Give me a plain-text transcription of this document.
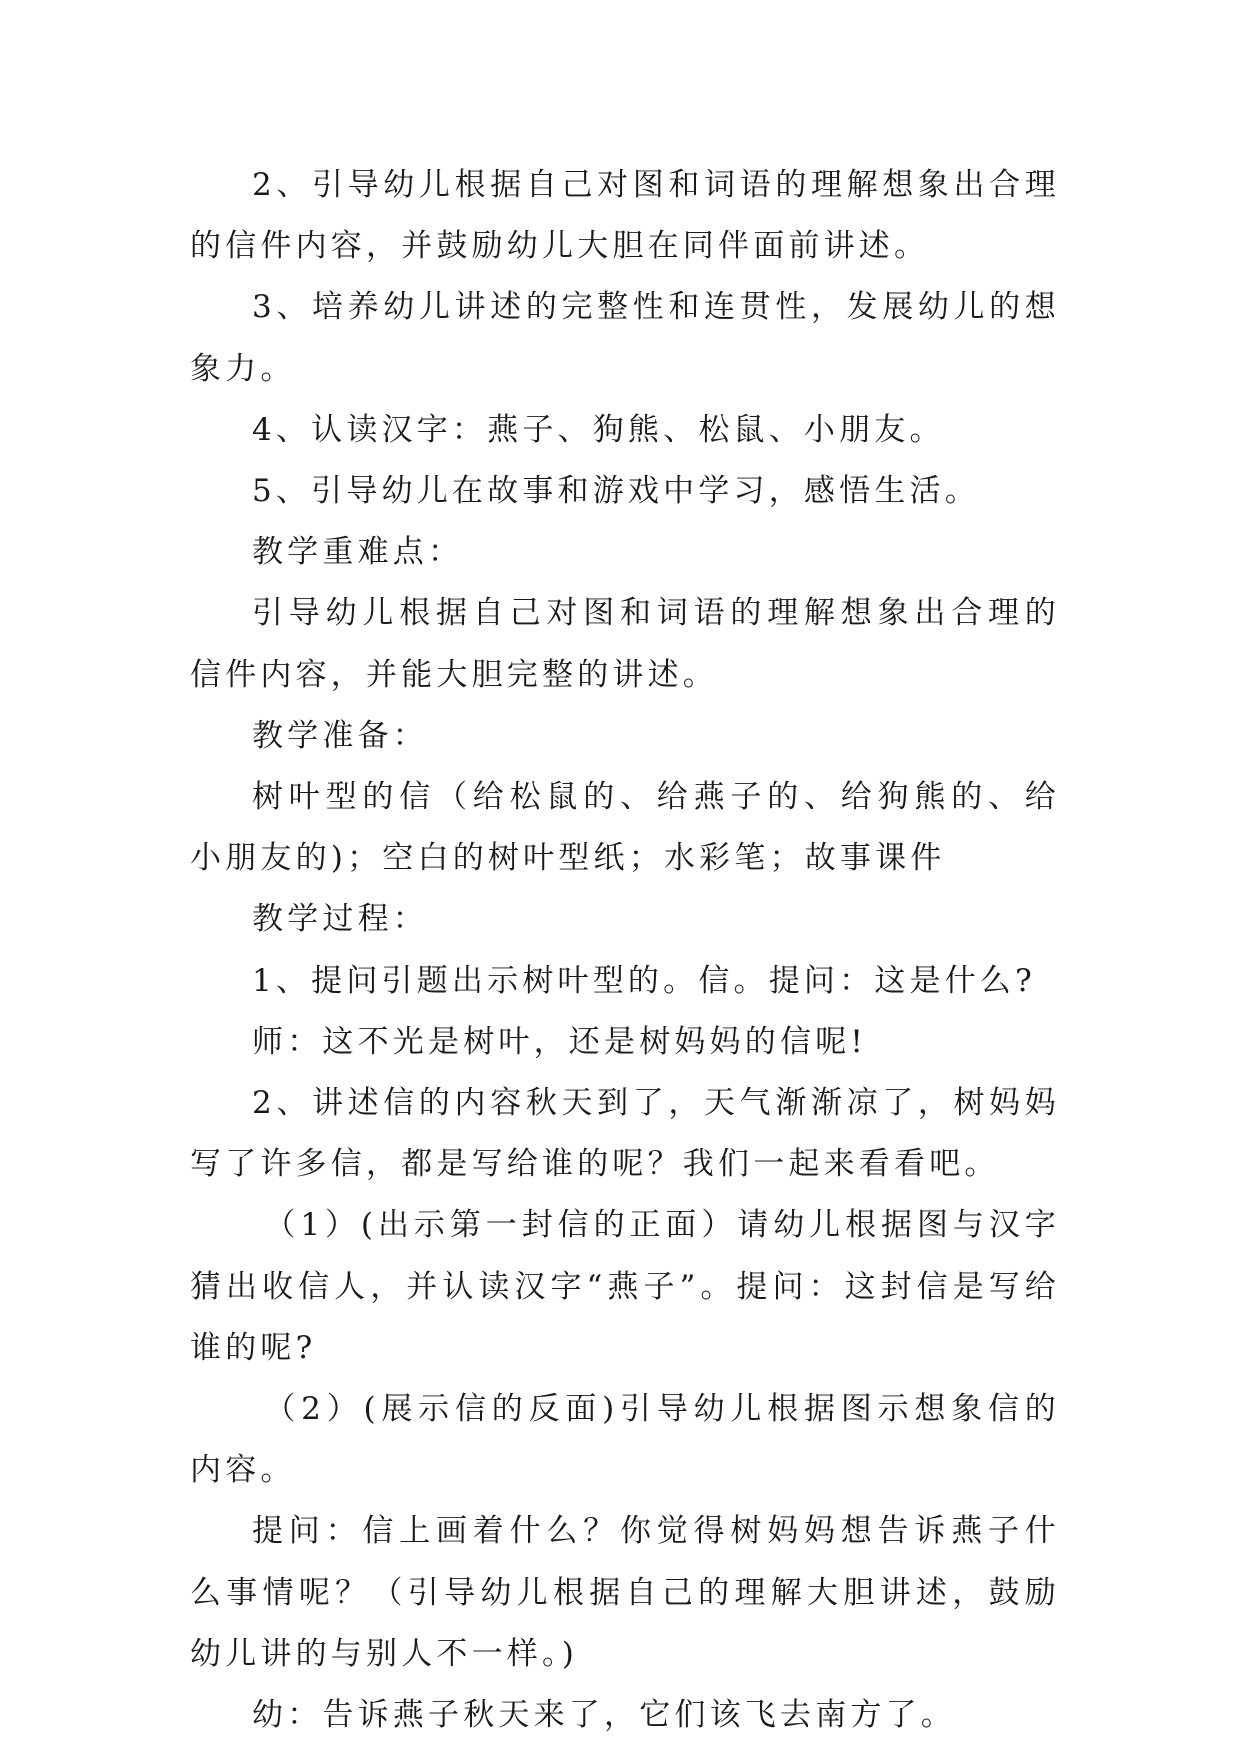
2、引导幼儿根据自己对图和词语的理解想象出合理的信件内容，并鼓励幼儿大胆在同伴面前讲述。

3、培养幼儿讲述的完整性和连贯性，发展幼儿的想象力。

4、认读汉字：燕子、狗熊、松鼠、小朋友。

5、引导幼儿在故事和游戏中学习，感悟生活。

教学重难点：

引导幼儿根据自己对图和词语的理解想象出合理的信件内容，并能大胆完整的讲述。

教学准备：

树叶型的信（给松鼠的、给燕子的、给狗熊的、给小朋友的)；空白的树叶型纸；水彩笔；故事课件

教学过程：

1、提问引题出示树叶型的。信。提问：这是什么?

师：这不光是树叶，还是树妈妈的信呢!

2、讲述信的内容秋天到了，天气渐渐凉了，树妈妈写了许多信，都是写给谁的呢？我们一起来看看吧。

（1）(出示第一封信的正面）请幼儿根据图与汉字猜出收信人，并认读汉字“燕子”。提问：这封信是写给谁的呢?

（2）(展示信的反面)引导幼儿根据图示想象信的内容。

提问：信上画着什么？你觉得树妈妈想告诉燕子什么事情呢？（引导幼儿根据自己的理解大胆讲述，鼓励幼儿讲的与别人不一样。)

幼：告诉燕子秋天来了，它们该飞去南方了。
